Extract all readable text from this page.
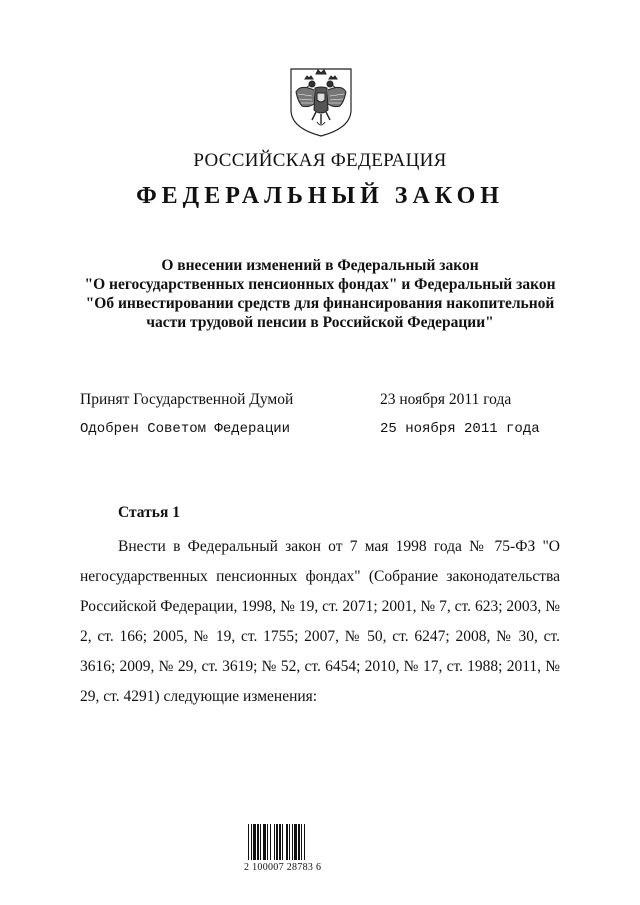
РОССИЙСКАЯ ФЕДЕРАЦИЯ
ФЕДЕРАЛЬНЫЙ ЗАКОН
О внесении изменений в Федеральный закон
"О негосударственных пенсионных фондах" и Федеральный закон
"Об инвестировании средств для финансирования накопительной
части трудовой пенсии в Российской Федерации"
Принят Государственной Думой	23 ноября 2011 года
Одобрен Советом Федерации	25 ноября 2011 года
Статья 1

Внести в Федеральный закон от 7 мая 1998 года № 75-ФЗ "О негосударственных пенсионных фондах" (Собрание законодательства Российской Федерации, 1998, № 19, ст. 2071; 2001, № 7, ст. 623; 2003, № 2, ст. 166; 2005, № 19, ст. 1755; 2007, № 50, ст. 6247; 2008, № 30, ст. 3616; 2009, № 29, ст. 3619; № 52, ст. 6454; 2010, № 17, ст. 1988; 2011, № 29, ст. 4291) следующие изменения:

2 100007 28783 6
